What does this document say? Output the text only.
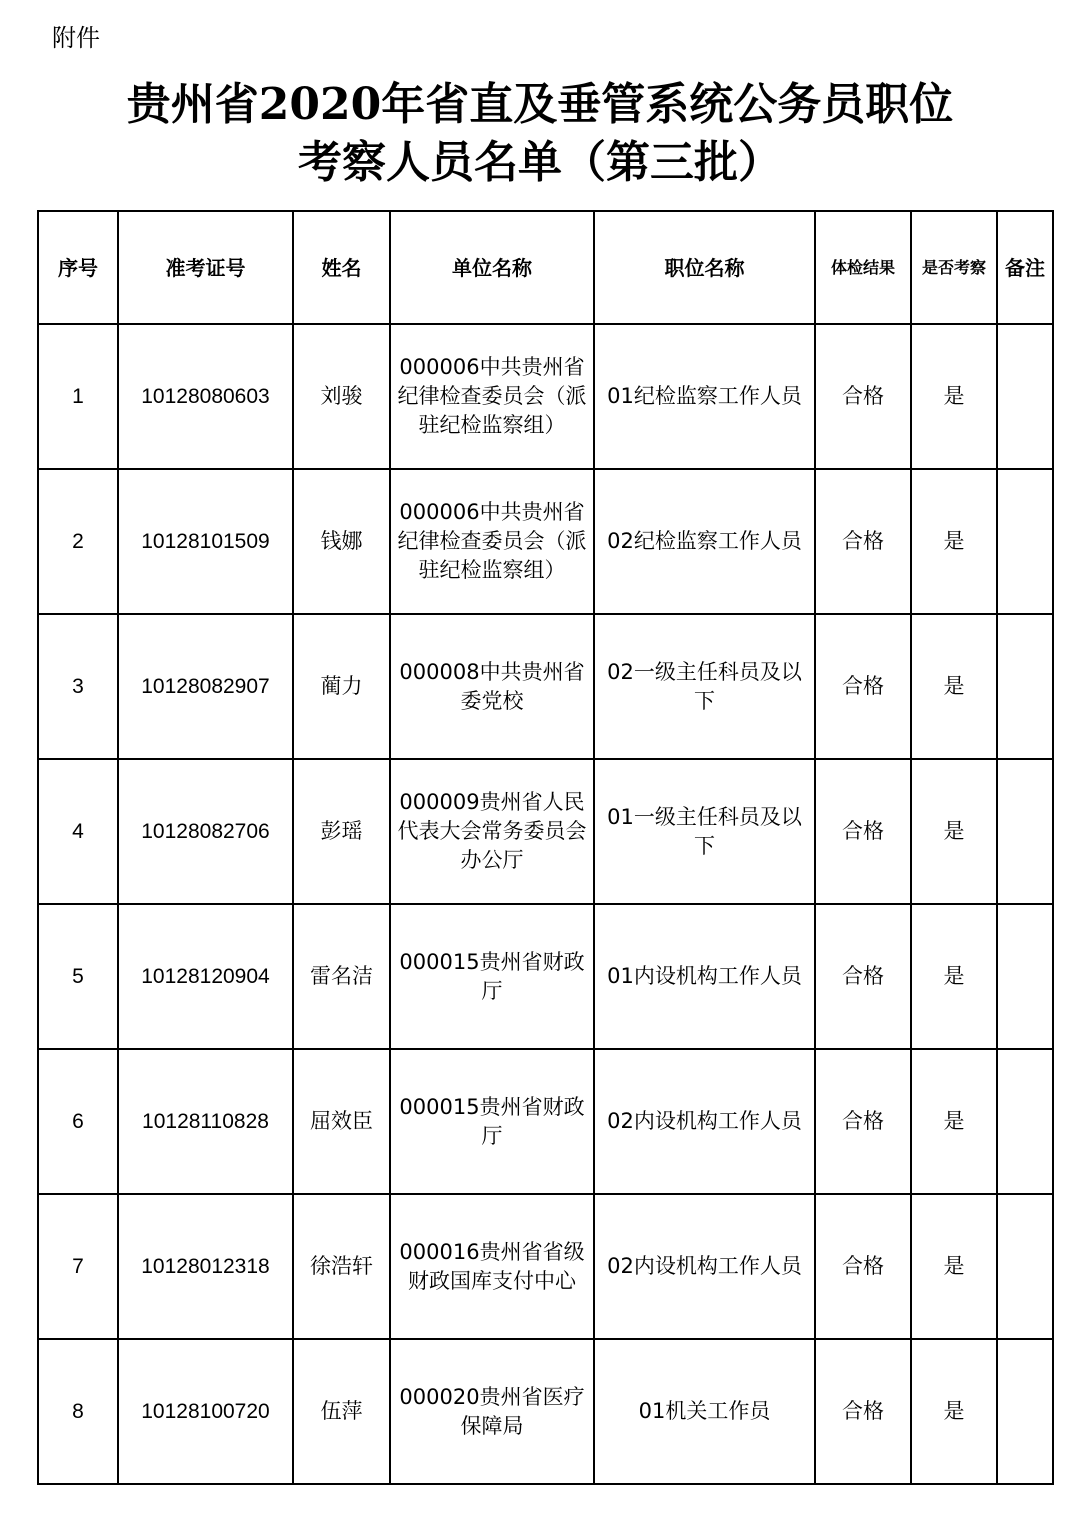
附件
贵州省2020年省直及垂管系统公务员职位
考察人员名单（第三批）
序号	准考证号	姓名	单位名称	职位名称	体检结果	是否考察	备注
1	10128080603	刘骏	000006中共贵州省纪律检查委员会（派驻纪检监察组）	01纪检监察工作人员	合格	是	
2	10128101509	钱娜	000006中共贵州省纪律检查委员会（派驻纪检监察组）	02纪检监察工作人员	合格	是	
3	10128082907	蔺力	000008中共贵州省委党校	02一级主任科员及以下	合格	是	
4	10128082706	彭瑶	000009贵州省人民代表大会常务委员会办公厅	01一级主任科员及以下	合格	是	
5	10128120904	雷名洁	000015贵州省财政厅	01内设机构工作人员	合格	是	
6	10128110828	屈效臣	000015贵州省财政厅	02内设机构工作人员	合格	是	
7	10128012318	徐浩轩	000016贵州省省级财政国库支付中心	02内设机构工作人员	合格	是	
8	10128100720	伍萍	000020贵州省医疗保障局	01机关工作员	合格	是	
